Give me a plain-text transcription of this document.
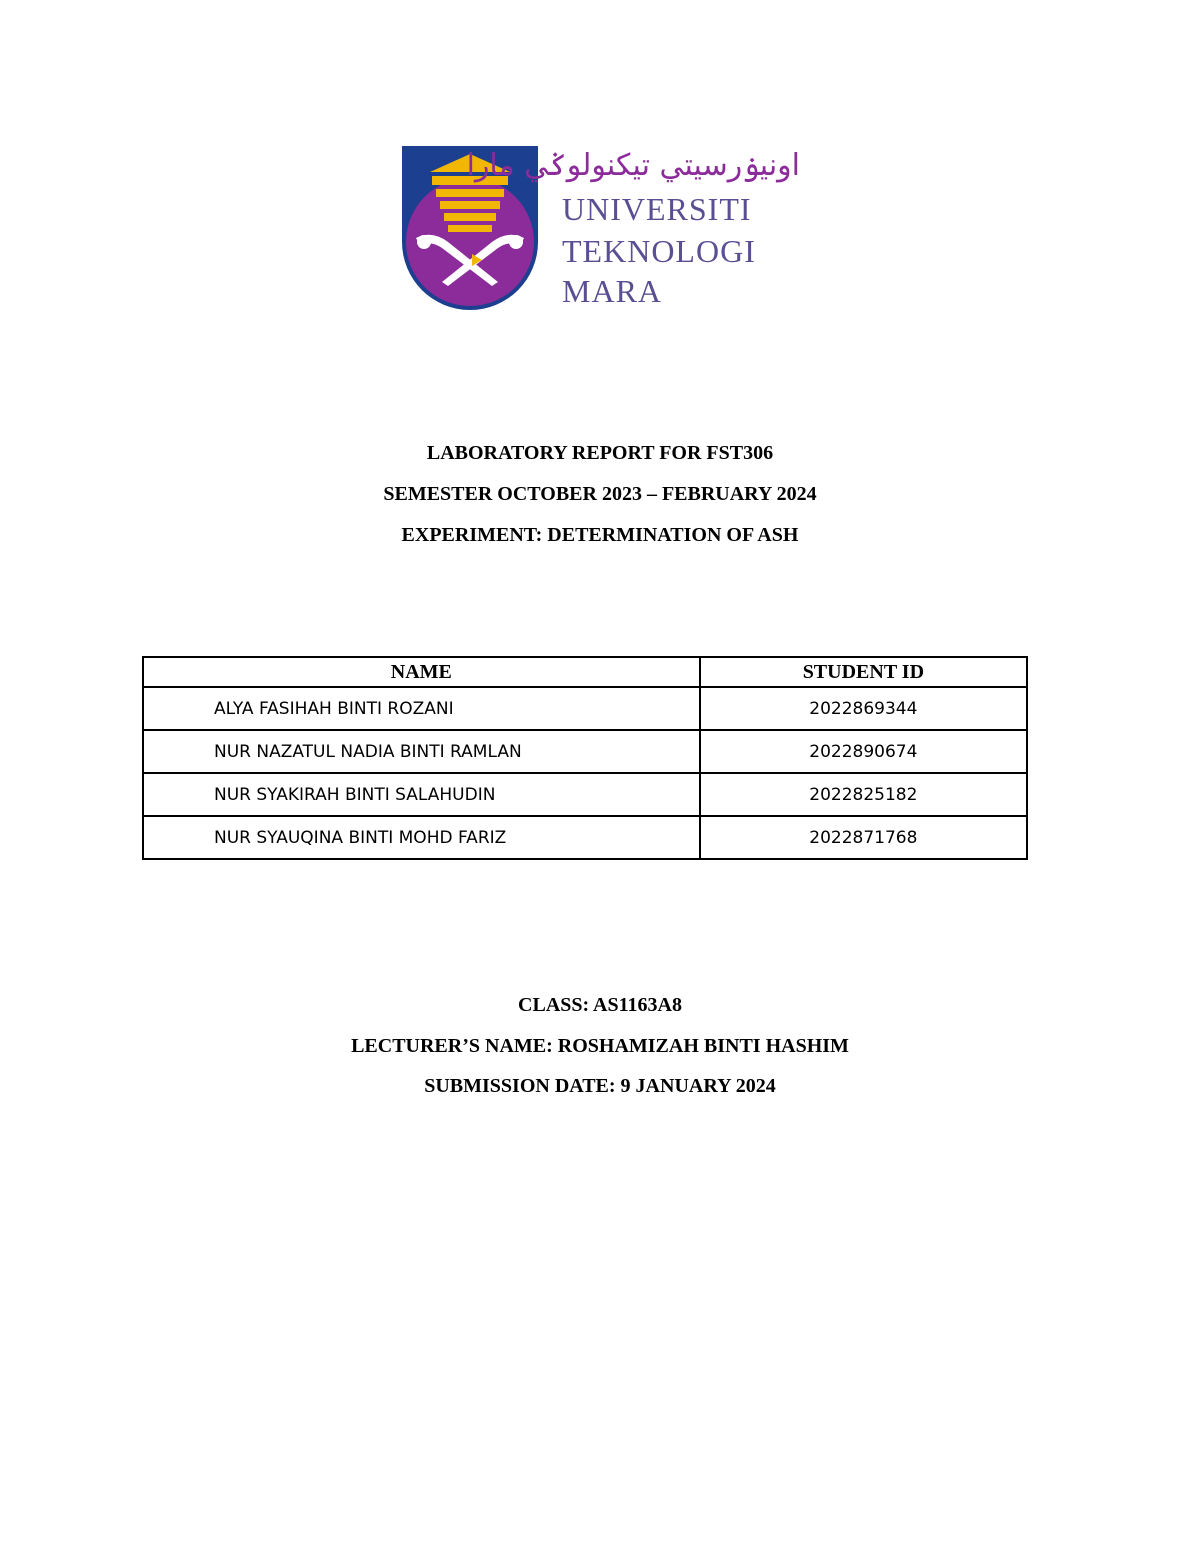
اونيۏرسيتي تيکنولوݢي مارا
UNIVERSITI
TEKNOLOGI
MARA
LABORATORY REPORT FOR FST306
SEMESTER OCTOBER 2023 – FEBRUARY 2024
EXPERIMENT: DETERMINATION OF ASH
NAME	STUDENT ID
ALYA FASIHAH BINTI ROZANI	2022869344
NUR NAZATUL NADIA BINTI RAMLAN	2022890674
NUR SYAKIRAH BINTI SALAHUDIN	2022825182
NUR SYAUQINA BINTI MOHD FARIZ	2022871768
CLASS: AS1163A8
LECTURER’S NAME: ROSHAMIZAH BINTI HASHIM
SUBMISSION DATE: 9 JANUARY 2024
